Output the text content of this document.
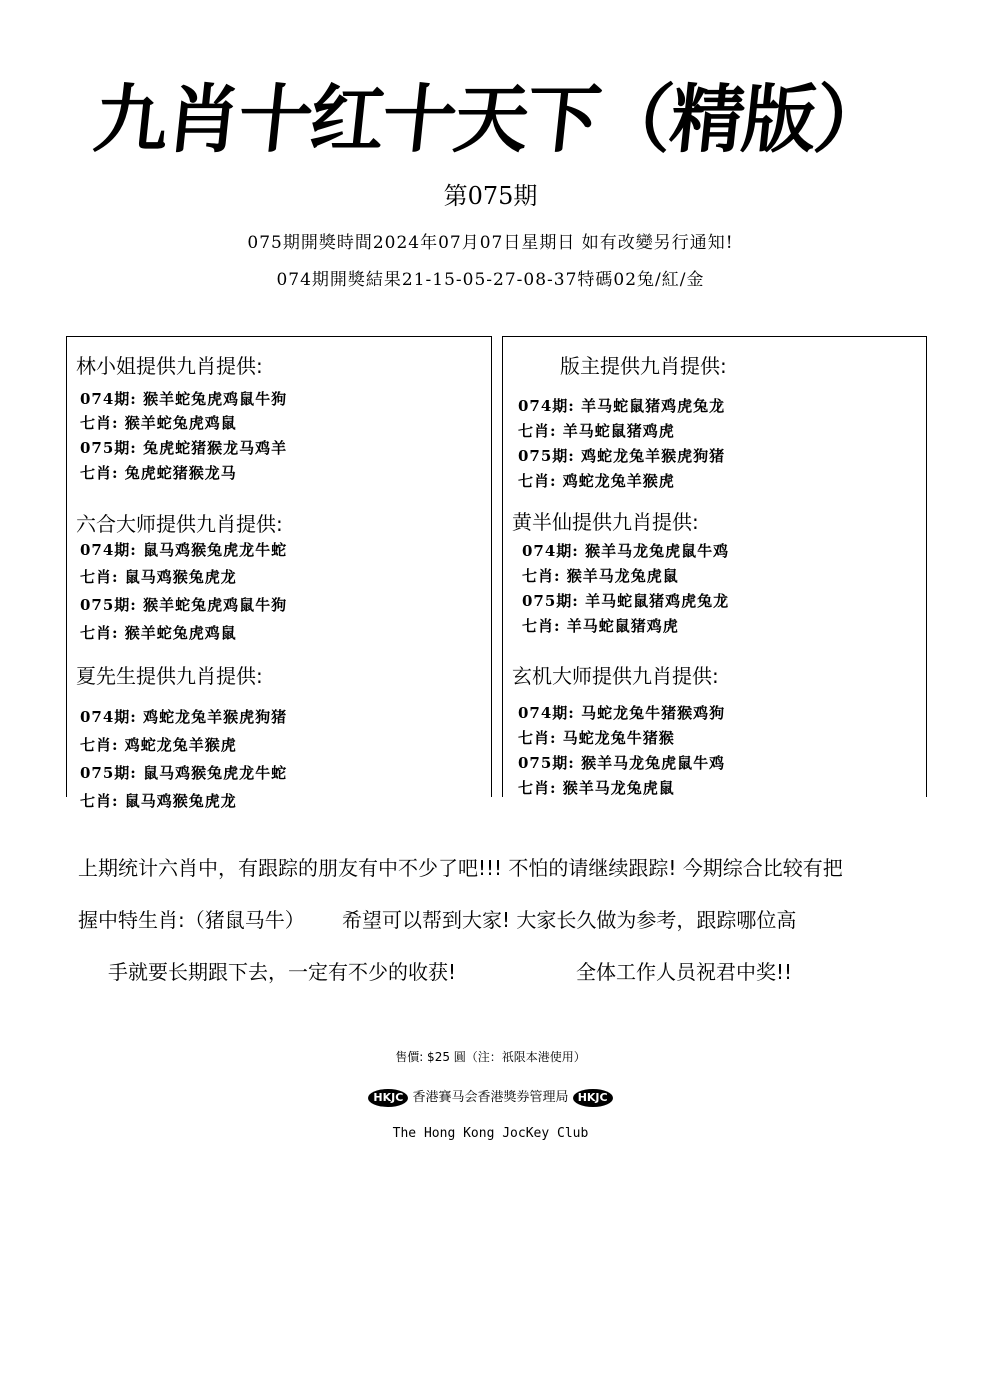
九肖十红十天下（精版）
第075期
075期開獎時間2024年07月07日星期日 如有改變另行通知!
074期開獎結果21-15-05-27-08-37特碼02兔/紅/金
林小姐提供九肖提供:
074期: 猴羊蛇兔虎鸡鼠牛狗
七肖: 猴羊蛇兔虎鸡鼠
075期: 兔虎蛇猪猴龙马鸡羊
七肖: 兔虎蛇猪猴龙马
版主提供九肖提供:
074期: 羊马蛇鼠猪鸡虎兔龙
七肖: 羊马蛇鼠猪鸡虎
075期: 鸡蛇龙兔羊猴虎狗猪
七肖: 鸡蛇龙兔羊猴虎
六合大师提供九肖提供:
074期: 鼠马鸡猴兔虎龙牛蛇
七肖: 鼠马鸡猴兔虎龙
075期: 猴羊蛇兔虎鸡鼠牛狗
七肖: 猴羊蛇兔虎鸡鼠
黄半仙提供九肖提供:
074期: 猴羊马龙兔虎鼠牛鸡
七肖: 猴羊马龙兔虎鼠
075期: 羊马蛇鼠猪鸡虎兔龙
七肖: 羊马蛇鼠猪鸡虎
夏先生提供九肖提供:
074期: 鸡蛇龙兔羊猴虎狗猪
七肖: 鸡蛇龙兔羊猴虎
075期: 鼠马鸡猴兔虎龙牛蛇
七肖: 鼠马鸡猴兔虎龙
玄机大师提供九肖提供:
074期: 马蛇龙兔牛猪猴鸡狗
七肖: 马蛇龙兔牛猪猴
075期: 猴羊马龙兔虎鼠牛鸡
七肖: 猴羊马龙兔虎鼠
上期统计六肖中，有跟踪的朋友有中不少了吧!!! 不怕的请继续跟踪! 今期综合比较有把
握中特生肖:（猪鼠马牛） 希望可以帮到大家! 大家长久做为参考，跟踪哪位高
手就要长期跟下去，一定有不少的收获!	全体工作人员祝君中奖!!
售價: $25 圓（注：祇限本港使用）
HKJC 香港賽马会香港獎券管理局 HKJC
The Hong Kong JocKey Club
